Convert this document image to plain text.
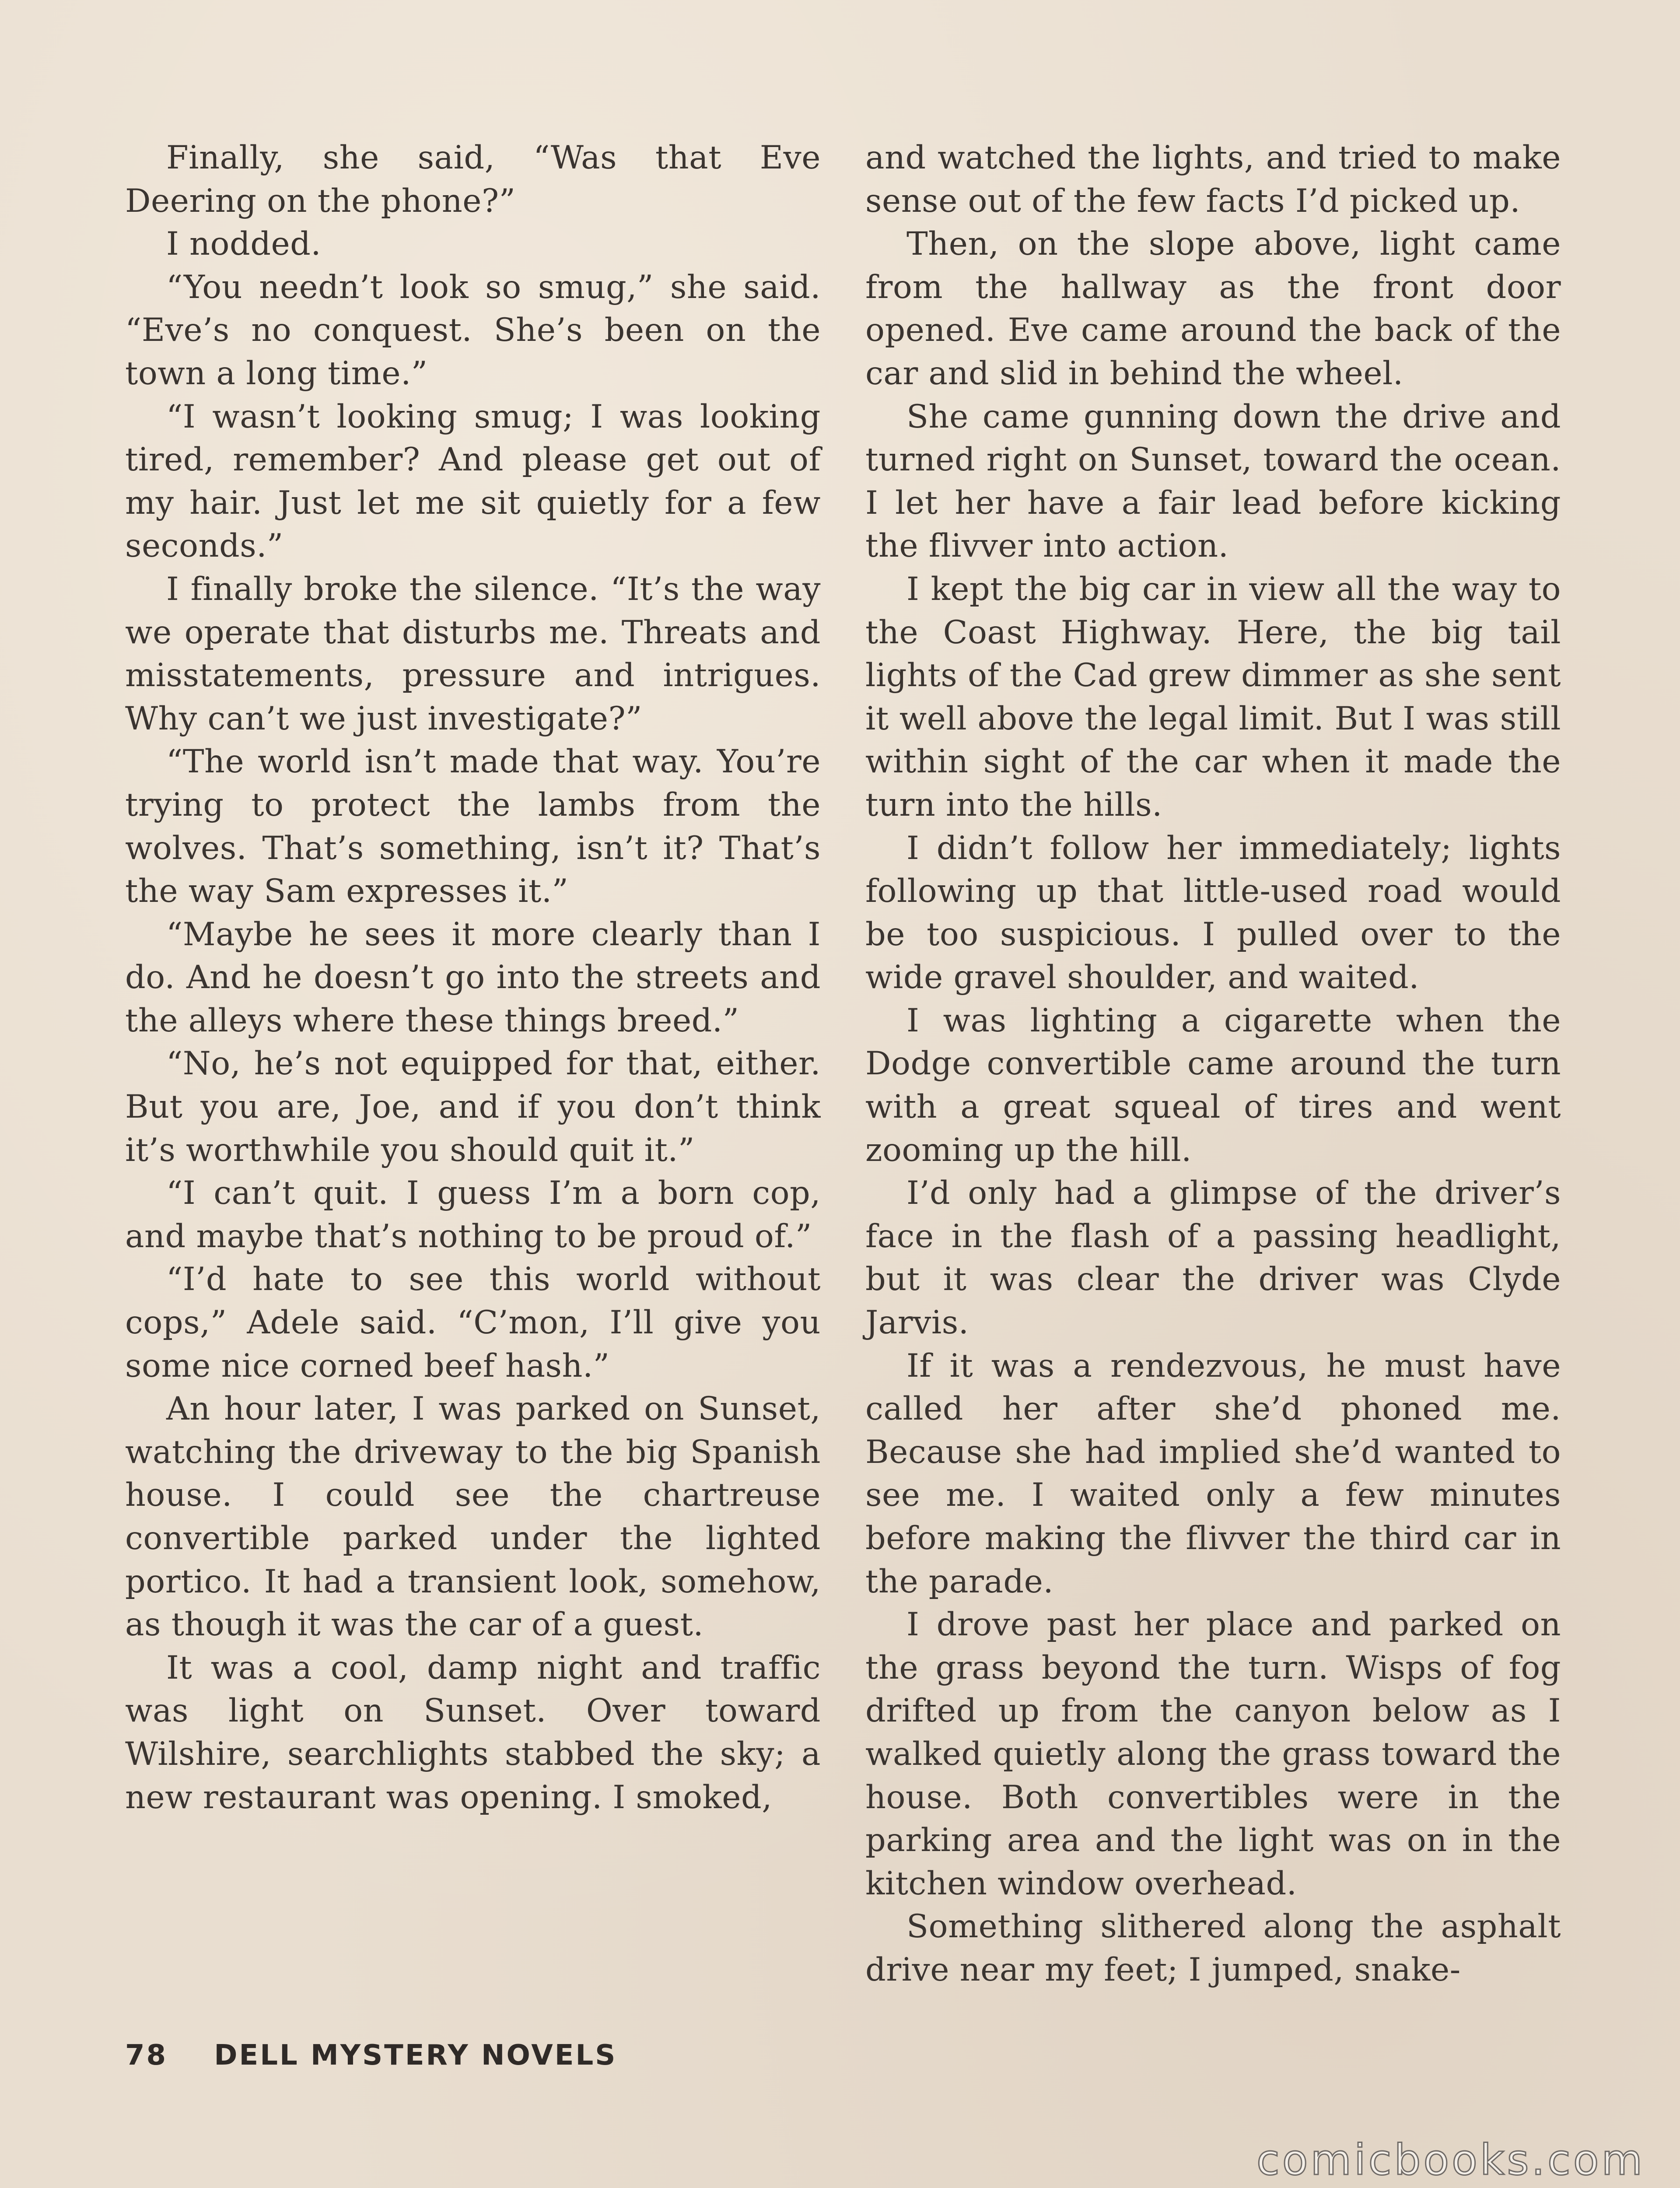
Finally, she said, “Was that Eve Deering on the phone?”

I nodded.

“You needn’t look so smug,” she said. “Eve’s no conquest. She’s been on the town a long time.”

“I wasn’t looking smug; I was looking tired, remember? And please get out of my hair. Just let me sit quietly for a few seconds.”

I finally broke the silence. “It’s the way we operate that disturbs me. Threats and misstatements, pressure and intrigues. Why can’t we just investigate?”

“The world isn’t made that way. You’re trying to protect the lambs from the wolves. That’s something, isn’t it? That’s the way Sam expresses it.”

“Maybe he sees it more clearly than I do. And he doesn’t go into the streets and the alleys where these things breed.”

“No, he’s not equipped for that, either. But you are, Joe, and if you don’t think it’s worthwhile you should quit it.”

“I can’t quit. I guess I’m a born cop, and maybe that’s nothing to be proud of.”

“I’d hate to see this world without cops,” Adele said. “C’mon, I’ll give you some nice corned beef hash.”

An hour later, I was parked on Sunset, watching the driveway to the big Spanish house. I could see the chartreuse convertible parked under the lighted portico. It had a transient look, somehow, as though it was the car of a guest.

It was a cool, damp night and traffic was light on Sunset. Over toward Wilshire, searchlights stabbed the sky; a new restaurant was opening. I smoked,

and watched the lights, and tried to make sense out of the few facts I’d picked up.

Then, on the slope above, light came from the hallway as the front door opened. Eve came around the back of the car and slid in behind the wheel.

She came gunning down the drive and turned right on Sunset, toward the ocean. I let her have a fair lead before kicking the flivver into action.

I kept the big car in view all the way to the Coast Highway. Here, the big tail lights of the Cad grew dimmer as she sent it well above the legal limit. But I was still within sight of the car when it made the turn into the hills.

I didn’t follow her immediately; lights following up that little-used road would be too suspicious. I pulled over to the wide gravel shoulder, and waited.

I was lighting a cigarette when the Dodge convertible came around the turn with a great squeal of tires and went zooming up the hill.

I’d only had a glimpse of the driver’s face in the flash of a passing headlight, but it was clear the driver was Clyde Jarvis.

If it was a rendezvous, he must have called her after she’d phoned me. Because she had implied she’d wanted to see me. I waited only a few minutes before making the flivver the third car in the parade.

I drove past her place and parked on the grass beyond the turn. Wisps of fog drifted up from the canyon below as I walked quietly along the grass toward the house. Both convertibles were in the parking area and the light was on in the kitchen window overhead.

Something slithered along the asphalt drive near my feet; I jumped, snake-

78 DELL MYSTERY NOVELS
comicbooks.com
